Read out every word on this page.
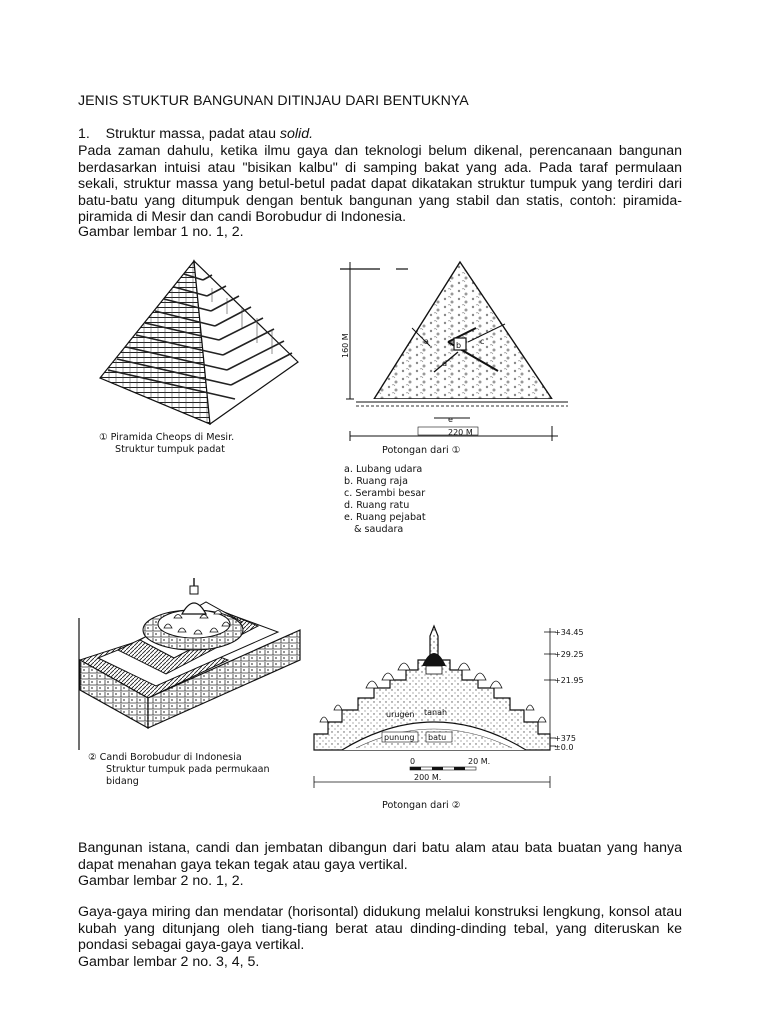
JENIS STUKTUR BANGUNAN DITINJAU DARI BENTUKNYA
1. Struktur massa, padat atau solid.
Pada zaman dahulu, ketika ilmu gaya dan teknologi belum dikenal, perencanaan bangunan berdasarkan intuisi atau "bisikan kalbu" di samping bakat yang ada. Pada taraf permulaan sekali, struktur massa yang betul-betul padat dapat dikatakan struktur tumpuk yang terdiri dari batu-batu yang ditumpuk dengan bentuk bangunan yang stabil dan statis, contoh: piramida-piramida di Mesir dan candi Borobudur di Indonesia.
Gambar lembar 1 no. 1, 2.
① Piramida Cheops di Mesir.
Struktur tumpuk padat
160 M	a	b c
d
e
220 M
Potongan dari ①
a. Lubang udara
b. Ruang raja
c. Serambi besar
d. Ruang ratu
e. Ruang pejabat
& saudara
② Candi Borobudur di Indonesia
Struktur tumpuk pada permukaan
bidang
+34.45
+29.25
+21.95
+375
±0.0
urugen tanah
punung batu
0	20 M.
200 M.
Potongan dari ②
Bangunan istana, candi dan jembatan dibangun dari batu alam atau bata buatan yang hanya dapat menahan gaya tekan tegak atau gaya vertikal.
Gambar lembar 2 no. 1, 2.
Gaya-gaya miring dan mendatar (horisontal) didukung melalui konstruksi lengkung, konsol atau kubah yang ditunjang oleh tiang-tiang berat atau dinding-dinding tebal, yang diteruskan ke pondasi sebagai gaya-gaya vertikal.
Gambar lembar 2 no. 3, 4, 5.
